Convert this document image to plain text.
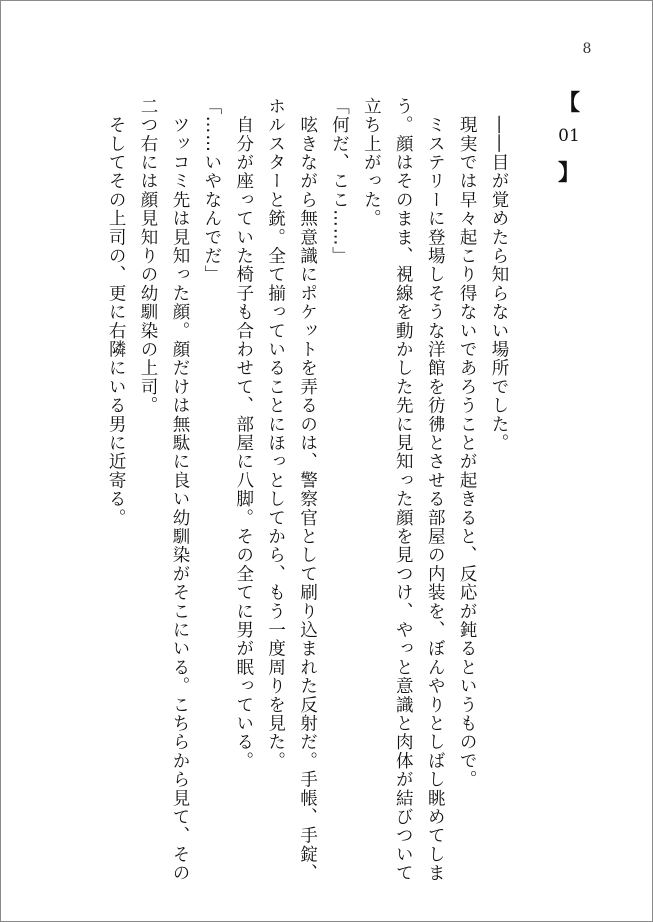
8
【
01
】

　――目が覚めたら知らない場所でした。

　現実では早々起こり得ないであろうことが起きると、反応が鈍るというもので。

　ミステリーに登場しそうな洋館を彷彿とさせる部屋の内装を、ぼんやりとしばし眺めてしまう。顔はそのまま、視線を動かした先に見知った顔を見つけ、やっと意識と肉体が結びついて立ち上がった。

「何だ、ここ……」

　呟きながら無意識にポケットを弄るのは、警察官として刷り込まれた反射だ。手帳、手錠、ホルスターと銃。全て揃っていることにほっとしてから、もう一度周りを見た。

　自分が座っていた椅子も合わせて、部屋に八脚。その全てに男が眠っている。

「……いやなんでだ」

　ツッコミ先は見知った顔。顔だけは無駄に良い幼馴染がそこにいる。こちらから見て、その二つ右には顔見知りの幼馴染の上司。

　そしてその上司の、更に右隣にいる男に近寄る。
